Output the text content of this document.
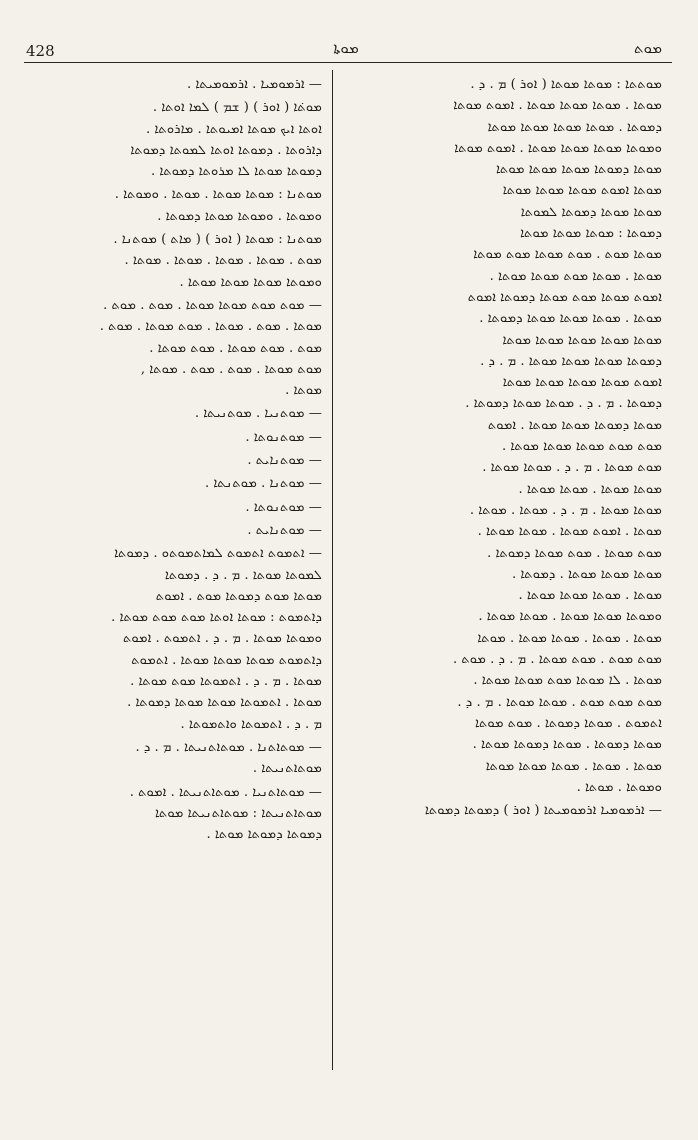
428	ܡܘܬܐ	ܡܘܬ
ܡܘܬܬܐ : ܡܘܬܐ ܡܘܬܐ ( ܐܘܪ ) ܡ . ܕ .
ܡܘܬܐ . ܡܘܬܐ ܡܘܬܐ ܡܘܬܐ . ܐܡܘܬ ܡܘܬܐ
ܕܡܘܬܐ . ܡܘܬܐ ܡܘܬܐ ܡܘܬܐ ܡܘܬܐ
ܘܡܘܬܐ ܡܘܬܐ ܡܘܬܐ ܡܘܬܐ . ܐܡܘܬ ܡܘܬܐ
ܡܘܬܐ ܕܡܘܬܐ ܡܘܬܐ ܡܘܬܐ ܡܘܬܐ
ܡܘܬܐ ܐܡܘܬ ܡܘܬܐ ܡܘܬܐ ܡܘܬܐ
ܡܘܬܐ ܡܘܬܐ ܕܡܘܬܐ ܠܡܘܬܐ
ܕܡܘܬܐ : ܡܘܬܐ ܡܘܬܐ ܡܘܬܐ
ܡܘܬܐ ܡܘܬ . ܡܘܬ ܡܘܬܐ ܡܘܬ ܡܘܬܐ
ܡܘܬܐ . ܡܘܬܐ ܡܘܬ ܡܘܬܐ ܡܘܬܐ .
ܐܡܘܬ ܡܘܬܐ ܡܘܬ ܡܘܬܐ ܕܡܘܬܐ ܐܡܘܬ
ܡܘܬܐ . ܡܘܬܐ ܡܘܬܐ ܡܘܬܐ ܕܡܘܬܐ .
ܡܘܬܐ ܡܘܬܐ ܡܘܬܐ ܡܘܬܐ ܡܘܬܐ
ܕܡܘܬܐ ܡܘܬܐ ܡܘܬܐ ܡܘܬܐ . ܡ . ܕ .
ܐܡܘܬ ܡܘܬܐ ܡܘܬܐ ܡܘܬܐ ܡܘܬܐ
ܕܡܘܬܐ . ܡ . ܕ . ܡܘܬܐ ܡܘܬܐ ܕܡܘܬܐ .
ܡܘܬܐ ܕܡܘܬܐ ܡܘܬܐ ܡܘܬܐ . ܐܡܘܬ
ܡܘܬ ܡܘܬ ܡܘܬܐ ܡܘܬܐ ܡܘܬܐ .
ܡܘܬ ܡܘܬܐ . ܡ . ܕ . ܡܘܬܐ ܡܘܬܐ .
ܡܘܬܐ ܡܘܬܐ . ܡܘܬܐ ܡܘܬܐ .
ܡܘܬܐ ܡܘܬܐ . ܡ . ܕ . ܡܘܬܐ . ܡܘܬܐ .
ܡܘܬܐ . ܐܡܘܬ ܡܘܬܐ . ܡܘܬܐ ܡܘܬܐ .
ܡܘܬ ܡܘܬܐ . ܡܘܬ ܡܘܬܐ ܕܡܘܬܐ .
ܡܘܬܐ ܡܘܬܐ ܡܘܬܐ . ܕܡܘܬܐ .
ܡܘܬܐ . ܡܘܬܐ ܡܘܬܐ ܡܘܬܐ .
ܘܡܘܬܐ ܡܘܬܐ ܡܘܬܐ . ܡܘܬܐ ܡܘܬܐ .
ܡܘܬܐ . ܡܘܬܐ . ܡܘܬܐ ܡܘܬܐ . ܡܘܬܐ
ܡܘܬ ܡܘܬ . ܡܘܬ ܡܘܬܐ . ܡ . ܕ . ܡܘܬ .
ܡܘܬܐ . ܠܐ ܡܘܬܐ ܡܘܬ ܡܘܬܐ ܡܘܬܐ .
ܡܘܬ ܡܘܬ ܡܘܬ . ܡܘܬܐ ܡܘܬܐ . ܡ . ܕ .
ܐܬܡܘܬ . ܡܘܬܐ ܕܡܘܬܐ . ܡܘܬ ܡܘܬܐ
ܡܘܬܐ ܕܡܘܬܐ . ܡܘܬܐ ܕܡܘܬܐ ܡܘܬܐ .
ܡܘܬܐ . ܡܘܬܐ . ܡܘܬܐ ܡܘܬܐ ܡܘܬܐ
ܘܡܘܬܐ . ܡܘܬܐ .
— ܐܪܡܘܡܝܐ ܐܪܡܘܡܝܬܐ ( ܐܘܪ ) ܕܡܘܬܐ ܕܡܘܬܐ
— ܐܪܡܘܡܝܐ . ܐܪܡܘܡܝܬܐ .
ܡܘܬ݁ܐ ( ܐܘܪ ) ( ܫܡ ) ܠܡܐ ܐܘܬܐ .
ܐܘܬܐ ܐܝܟ ܡܘܬܐ ܐܡܝܘܬܐ . ܡܐܪܘܬܐ .
ܕܐܪܘܬܐ . ܕܡܘܬܐ ܐܘܬܐ ܠܡܘܬܐ ܕܡܘܬܐ
ܕܡܘܬܐ ܡܘܬܐ ܠܐ ܡܪܘܬܐ ܕܡܘܬܐ .
ܡܘܬܢܐ : ܡܘܬܐ ܡܘܬܐ . ܡܘܬܐ . ܘܡܘܬܐ .
ܘܡܘܬܐ . ܘܡܘܬܐ ܡܘܬܐ ܕܡܘܬܐ .
ܡܘܬܢܐ : ܡܘܬܐ ( ܐܘܪ ) ( ܡܐܬ ) ܡܘܬܢܐ .
ܡܘܬ . ܡܘܬܐ . ܡܘܬܐ . ܡܘܬܐ . ܡܘܬܐ .
ܘܡܘܬܐ ܡܘܬܐ ܡܘܬܐ ܡܘܬܐ .
— ܡܘܬ ܡܘܬ ܡܘܬܐ ܡܘܬܐ . ܡܘܬ . ܡܘܬ .
ܡܘܬܐ . ܡܘܬ . ܡܘܬܐ . ܡܘܬ ܡܘܬܐ . ܡܘܬ .
ܡܘܬ . ܡܘܬ ܡܘܬܐ . ܡܘܬ ܡܘܬܐ .
ܡܘܬ ܡܘܬܐ . ܡܘܬ . ܡܘܬ . ܡܘܬܐ ,
ܡܘܬܐ .
— ܡܘܬܢܝܐ . ܡܘܬܢܝܬܐ .
— ܡܘܬܢܘܬܐ .
— ܡܘܬܢܐܝܬ .
— ܡܘܬܢܐ . ܡܘܬܢܬܐ .
— ܡܘܬܢܘܬܐ .
— ܡܘܬܢܐܝܬ .
— ܐܬܡܘܬ ܐܬܡܘܬ ܠܡܐܬܡܘܬܘ . ܕܡܘܬܐ
ܠܡܘܬܐ ܡܘܬܐ . ܡ . ܕ . ܕܡܘܬܐ
ܡܘܬܐ ܡܘܬ ܕܡܘܬܐ ܡܘܬ . ܐܡܘܬ
ܕܐܬܡܘܬ : ܡܘܬܐ ܐܘܬܐ ܡܘܬ ܡܘܬ ܡܘܬܐ .
ܘܡܘܬܐ ܡܘܬܐ . ܡ . ܕ . ܐܬܡܘܬ . ܐܡܘܬ
ܕܐܬܡܘܬ ܡܘܬܐ ܡܘܬܐ ܡܘܬܐ . ܐܬܡܘܬ
ܡܘܬܐ . ܡ . ܕ . ܐܬܡܘܬܐ ܡܘܬ ܡܘܬܐ .
ܡܘܬܐ . ܐܬܡܘܬܐ ܡܘܬܐ ܡܘܬܐ ܕܡܘܬܐ .
ܡ . ܕ . ܐܬܡܘܬܐ ܘܐܬܡܘܬܐ .
— ܡܘܬܐܬܢܐ . ܡܘܬܐܬܢܝܬܐ . ܡ . ܕ .
ܡܘܬܐܬܢܝܬܐ .
— ܡܘܬܐܬܢܝܐ . ܡܘܬܐܬܢܝܬܐ . ܐܡܘܬ .
ܡܘܬܐܬܢܝܬܐ : ܡܘܬܐܬܢܝܬܐ ܡܘܬܐ
ܕܡܘܬܐ ܕܡܘܬܐ ܡܘܬܐ .
